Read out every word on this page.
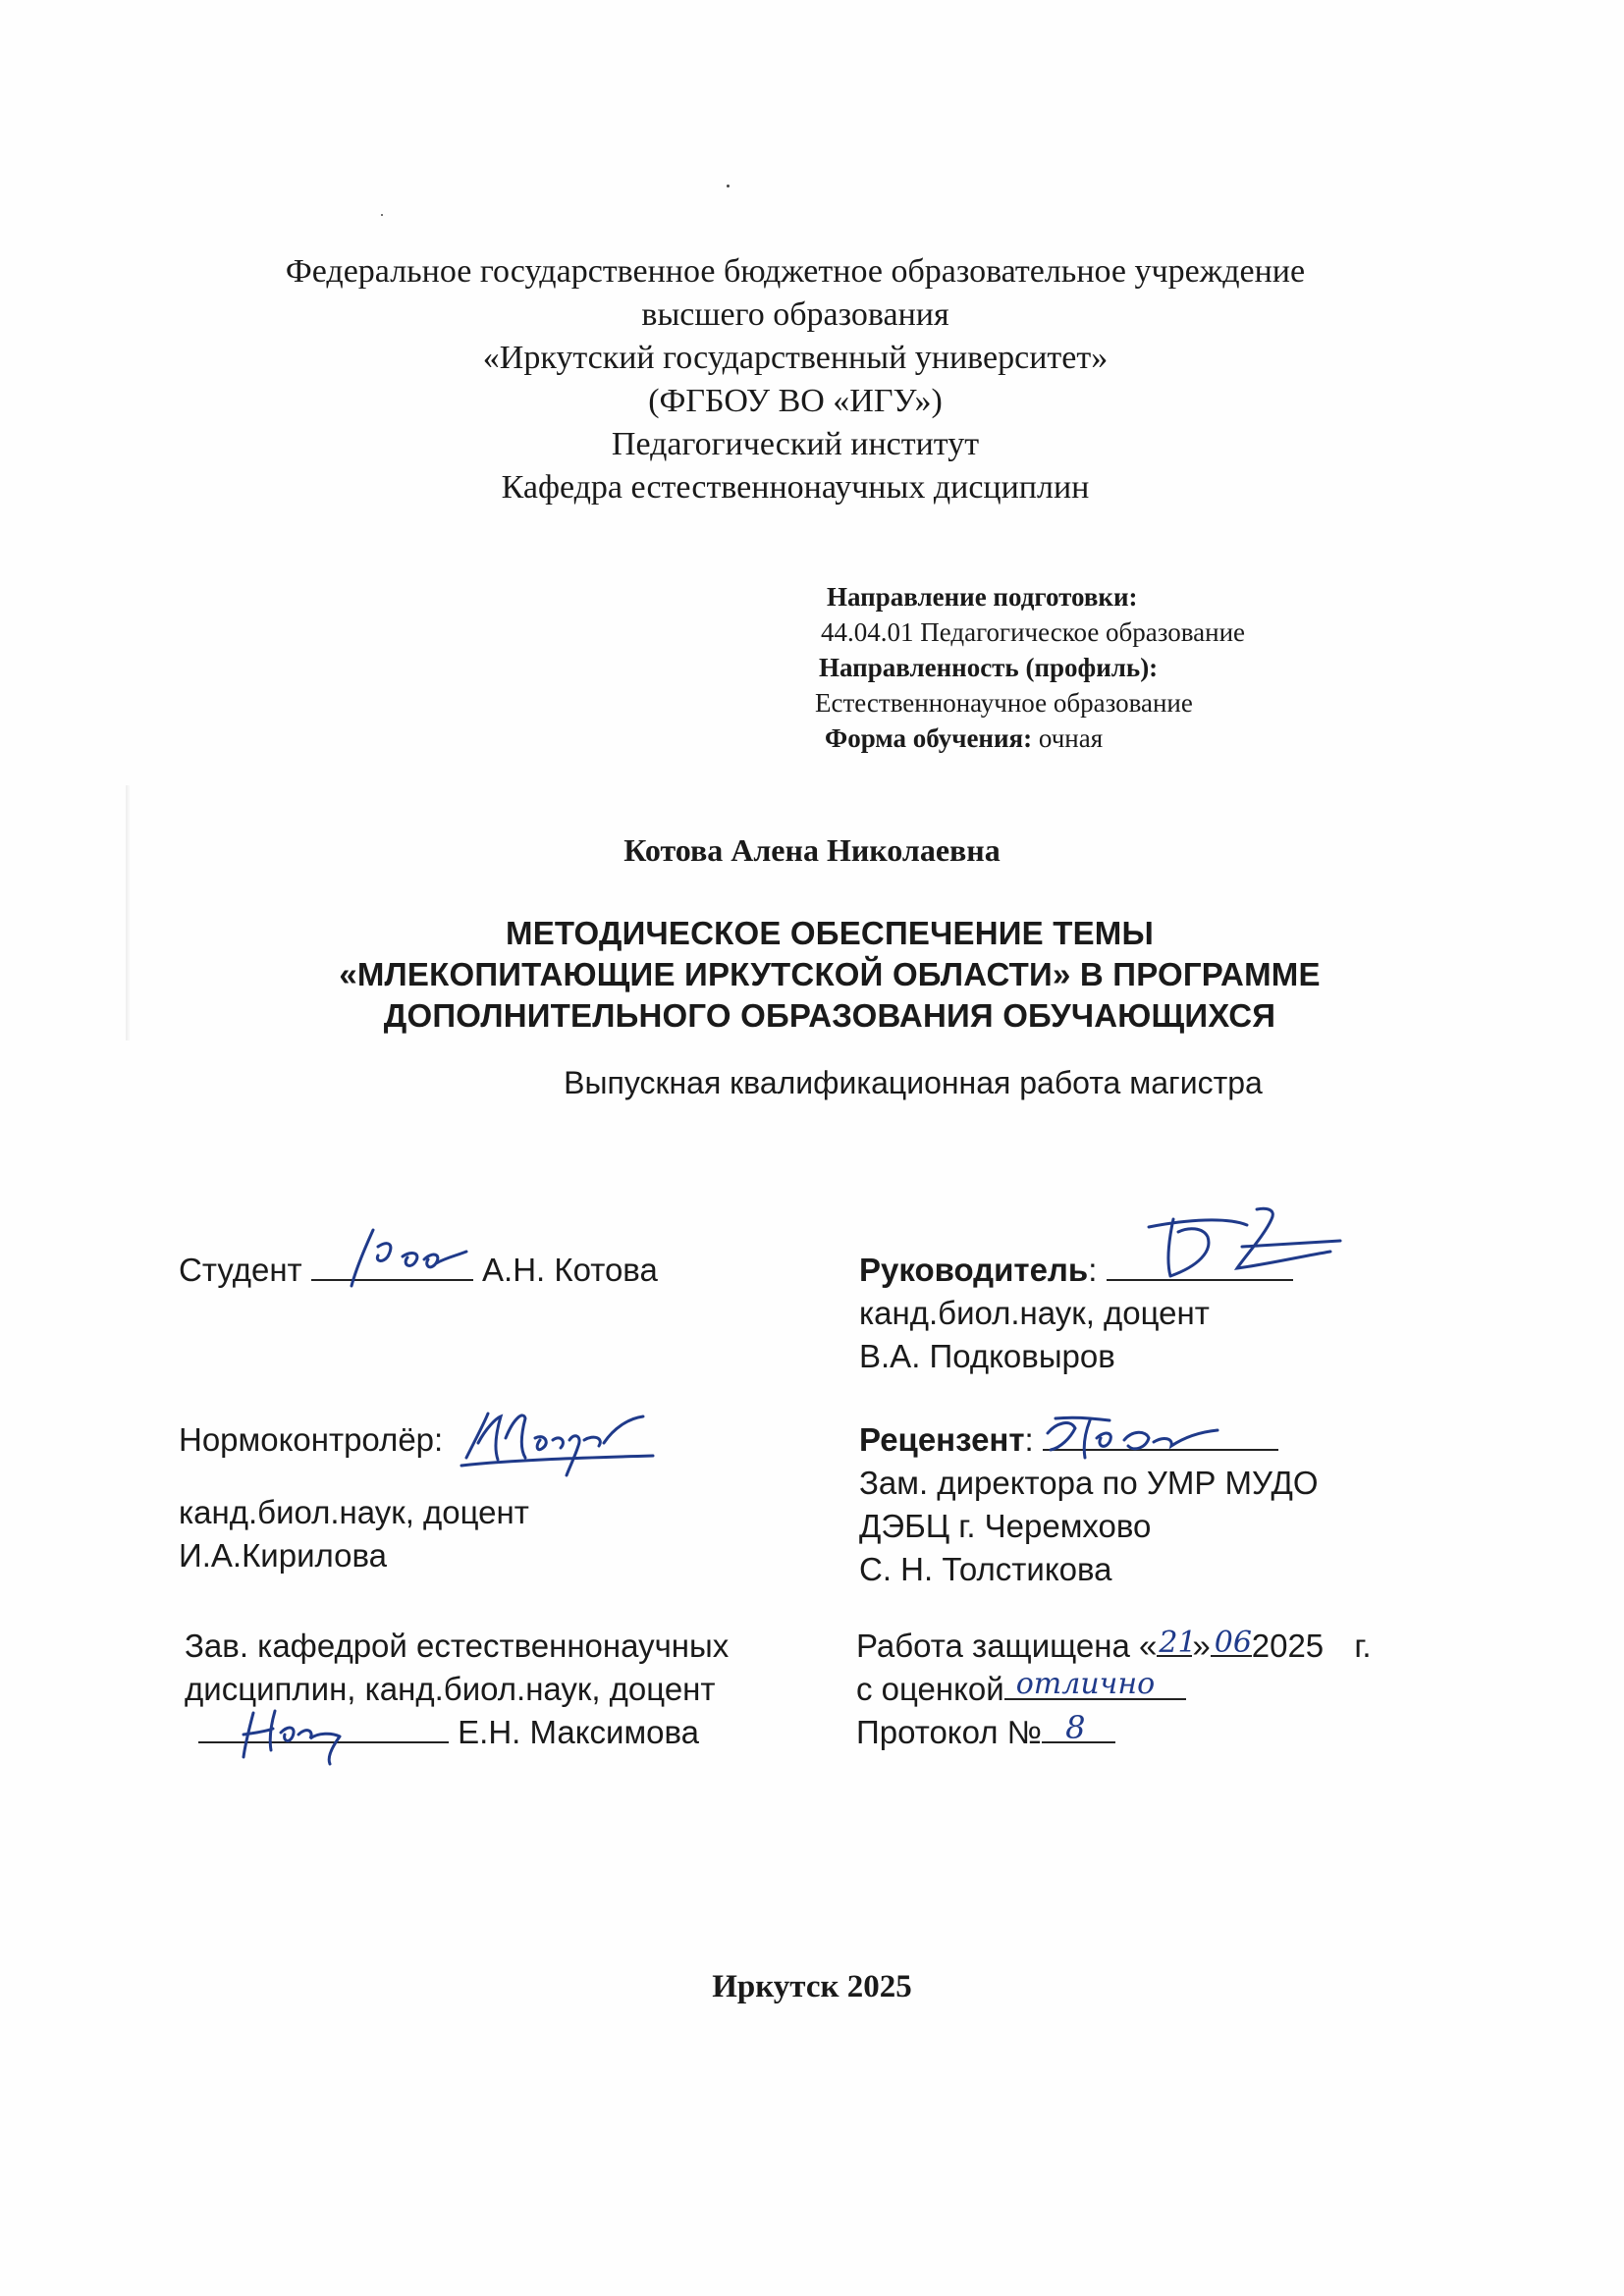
Федеральное государственное бюджетное образовательное учреждение
высшего образования
«Иркутский государственный университет»
(ФГБОУ ВО «ИГУ»)
Педагогический институт
Кафедра естественнонаучных дисциплин
Направление подготовки:
44.04.01 Педагогическое образование
Направленность (профиль):
Естественнонаучное образование
Форма обучения: очная
Котова Алена Николаевна
МЕТОДИЧЕСКОЕ ОБЕСПЕЧЕНИЕ ТЕМЫ
«МЛЕКОПИТАЮЩИЕ ИРКУТСКОЙ ОБЛАСТИ» В ПРОГРАММЕ
ДОПОЛНИТЕЛЬНОГО ОБРАЗОВАНИЯ ОБУЧАЮЩИХСЯ
Выпускная квалификационная работа магистра
Студент	А.Н. Котова	Руководитель:
канд.биол.наук, доцент
В.А. Подковыров
Нормоконтролёр:
канд.биол.наук, доцент
И.А.Кирилова
Рецензент:
Зам. директора по УМР МУДО
ДЭБЦ г. Черемхово
С. Н. Толстикова
Зав. кафедрой естественнонаучных
дисциплин, канд.биол.наук, доцент
Е.Н. Максимова
Работа защищена « 21
» 06 2025 г.
с оценкой отлично
Протокол № 8
Иркутск 2025
